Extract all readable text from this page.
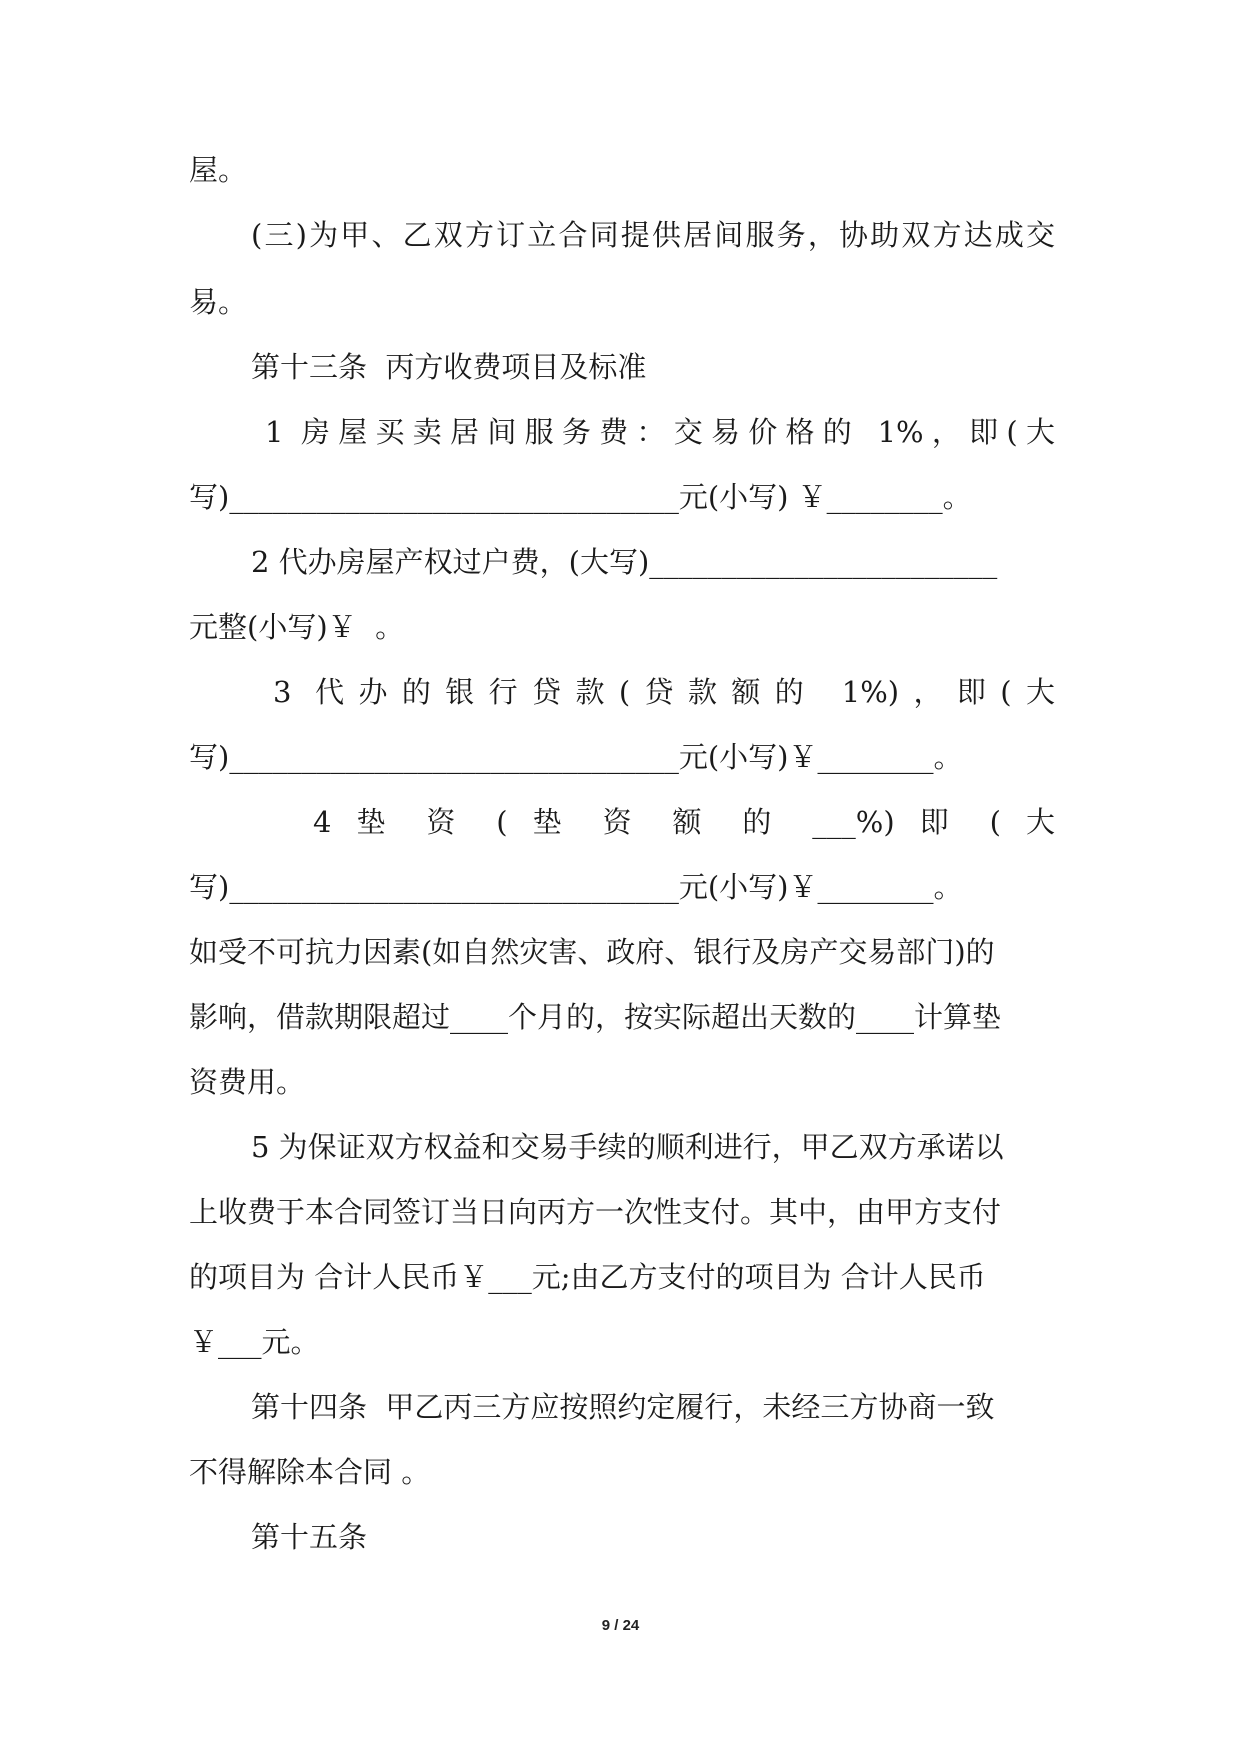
屋。
(三)为甲、乙双方订立合同提供居间服务，协助双方达成交
易。
第十三条  丙方收费项目及标准
1 房屋买卖居间服务费：交易价格的 1%，即(大
写)_______________________________元(小写) ￥________。
2 代办房屋产权过户费，(大写)________________________
元整(小写)￥  。
3 代办的银行贷款(贷款额的 1%)，即(大
写)_______________________________元(小写)￥________。
4 垫 资 ( 垫 资 额 的 ___%) 即 ( 大
写)_______________________________元(小写)￥________。
如受不可抗力因素(如自然灾害、政府、银行及房产交易部门)的
影响，借款期限超过____个月的，按实际超出天数的____计算垫
资费用。
5 为保证双方权益和交易手续的顺利进行，甲乙双方承诺以
上收费于本合同签订当日向丙方一次性支付。其中，由甲方支付
的项目为 合计人民币￥___元;由乙方支付的项目为 合计人民币
￥___元。
第十四条  甲乙丙三方应按照约定履行，未经三方协商一致
不得解除本合同 。
第十五条
9 / 24
